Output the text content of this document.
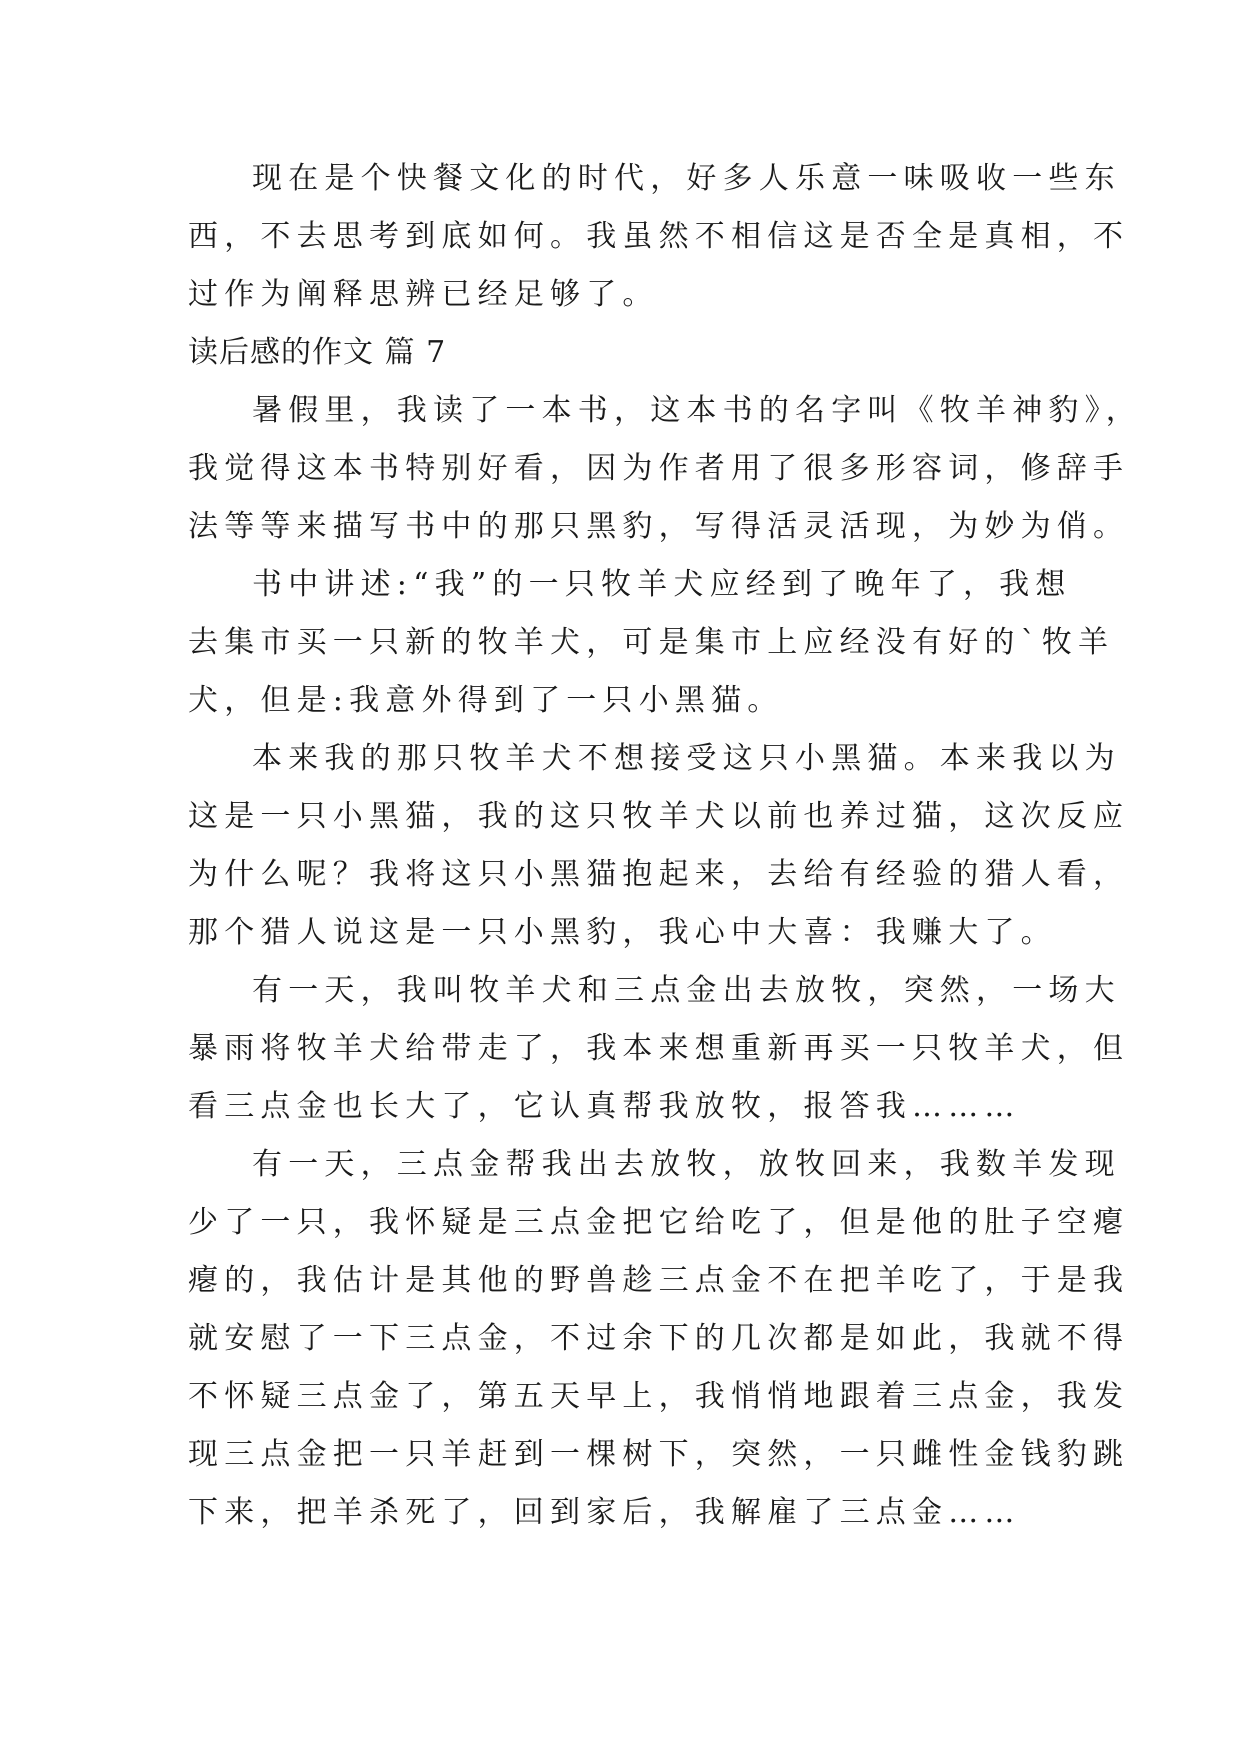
现在是个快餐文化的时代，好多人乐意一味吸收一些东
西，不去思考到底如何。我虽然不相信这是否全是真相，不
过作为阐释思辨已经足够了。
读后感的作文 篇 7
暑假里，我读了一本书，这本书的名字叫《牧羊神豹》，
我觉得这本书特别好看，因为作者用了很多形容词，修辞手
法等等来描写书中的那只黑豹，写得活灵活现，为妙为俏。
书中讲述:“我”的一只牧羊犬应经到了晚年了，我想
去集市买一只新的牧羊犬，可是集市上应经没有好的`牧羊
犬，但是:我意外得到了一只小黑猫。
本来我的那只牧羊犬不想接受这只小黑猫。本来我以为
这是一只小黑猫，我的这只牧羊犬以前也养过猫，这次反应
为什么呢？我将这只小黑猫抱起来，去给有经验的猎人看，
那个猎人说这是一只小黑豹，我心中大喜：我赚大了。
有一天，我叫牧羊犬和三点金出去放牧，突然，一场大
暴雨将牧羊犬给带走了，我本来想重新再买一只牧羊犬，但
看三点金也长大了，它认真帮我放牧，报答我………
有一天，三点金帮我出去放牧，放牧回来，我数羊发现
少了一只，我怀疑是三点金把它给吃了，但是他的肚子空瘪
瘪的，我估计是其他的野兽趁三点金不在把羊吃了，于是我
就安慰了一下三点金，不过余下的几次都是如此，我就不得
不怀疑三点金了，第五天早上，我悄悄地跟着三点金，我发
现三点金把一只羊赶到一棵树下，突然，一只雌性金钱豹跳
下来，把羊杀死了，回到家后，我解雇了三点金……
